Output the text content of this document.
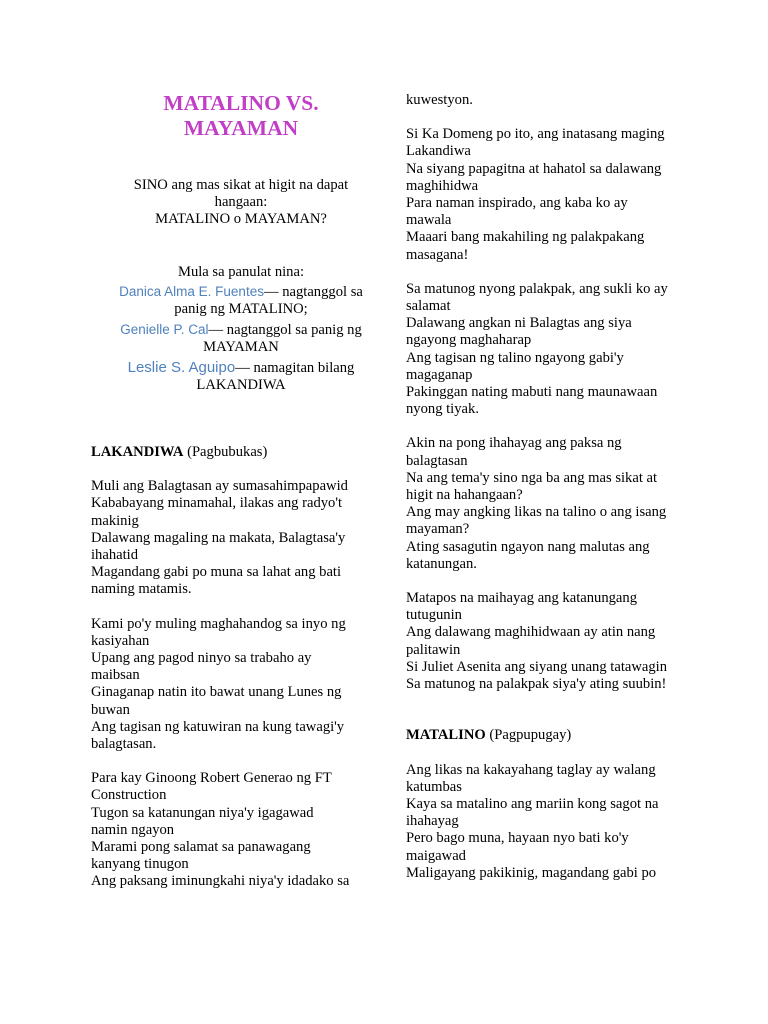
MATALINO VS.
MAYAMAN
SINO ang mas sikat at higit na dapat
hangaan:
MATALINO o MAYAMAN?

Mula sa panulat nina:

Danica Alma E. Fuentes— nagtanggol sa

panig ng MATALINO;

Genielle P. Cal— nagtanggol sa panig ng

MAYAMAN

Leslie S. Aguipo— namagitan bilang

LAKANDIWA

LAKANDIWA (Pagbubukas)

Muli ang Balagtasan ay sumasahimpapawid

Kababayang minamahal, ilakas ang radyo't

makinig

Dalawang magaling na makata, Balagtasa'y

ihahatid

Magandang gabi po muna sa lahat ang bati

naming matamis.

Kami po'y muling maghahandog sa inyo ng

kasiyahan

Upang ang pagod ninyo sa trabaho ay

maibsan

Ginaganap natin ito bawat unang Lunes ng

buwan

Ang tagisan ng katuwiran na kung tawagi'y

balagtasan.

Para kay Ginoong Robert Generao ng FT

Construction

Tugon sa katanungan niya'y igagawad

namin ngayon

Marami pong salamat sa panawagang

kanyang tinugon

Ang paksang iminungkahi niya'y idadako sa

kuwestyon.

Si Ka Domeng po ito, ang inatasang maging

Lakandiwa

Na siyang papagitna at hahatol sa dalawang

maghihidwa

Para naman inspirado, ang kaba ko ay

mawala

Maaari bang makahiling ng palakpakang

masagana!

Sa matunog nyong palakpak, ang sukli ko ay

salamat

Dalawang angkan ni Balagtas ang siya

ngayong maghaharap

Ang tagisan ng talino ngayong gabi'y

magaganap

Pakinggan nating mabuti nang maunawaan

nyong tiyak.

Akin na pong ihahayag ang paksa ng

balagtasan

Na ang tema'y sino nga ba ang mas sikat at

higit na hahangaan?

Ang may angking likas na talino o ang isang

mayaman?

Ating sasagutin ngayon nang malutas ang

katanungan.

Matapos na maihayag ang katanungang

tutugunin

Ang dalawang maghihidwaan ay atin nang

palitawin

Si Juliet Asenita ang siyang unang tatawagin

Sa matunog na palakpak siya'y ating suubin!

MATALINO (Pagpupugay)

Ang likas na kakayahang taglay ay walang

katumbas

Kaya sa matalino ang mariin kong sagot na

ihahayag

Pero bago muna, hayaan nyo bati ko'y

maigawad

Maligayang pakikinig, magandang gabi po
